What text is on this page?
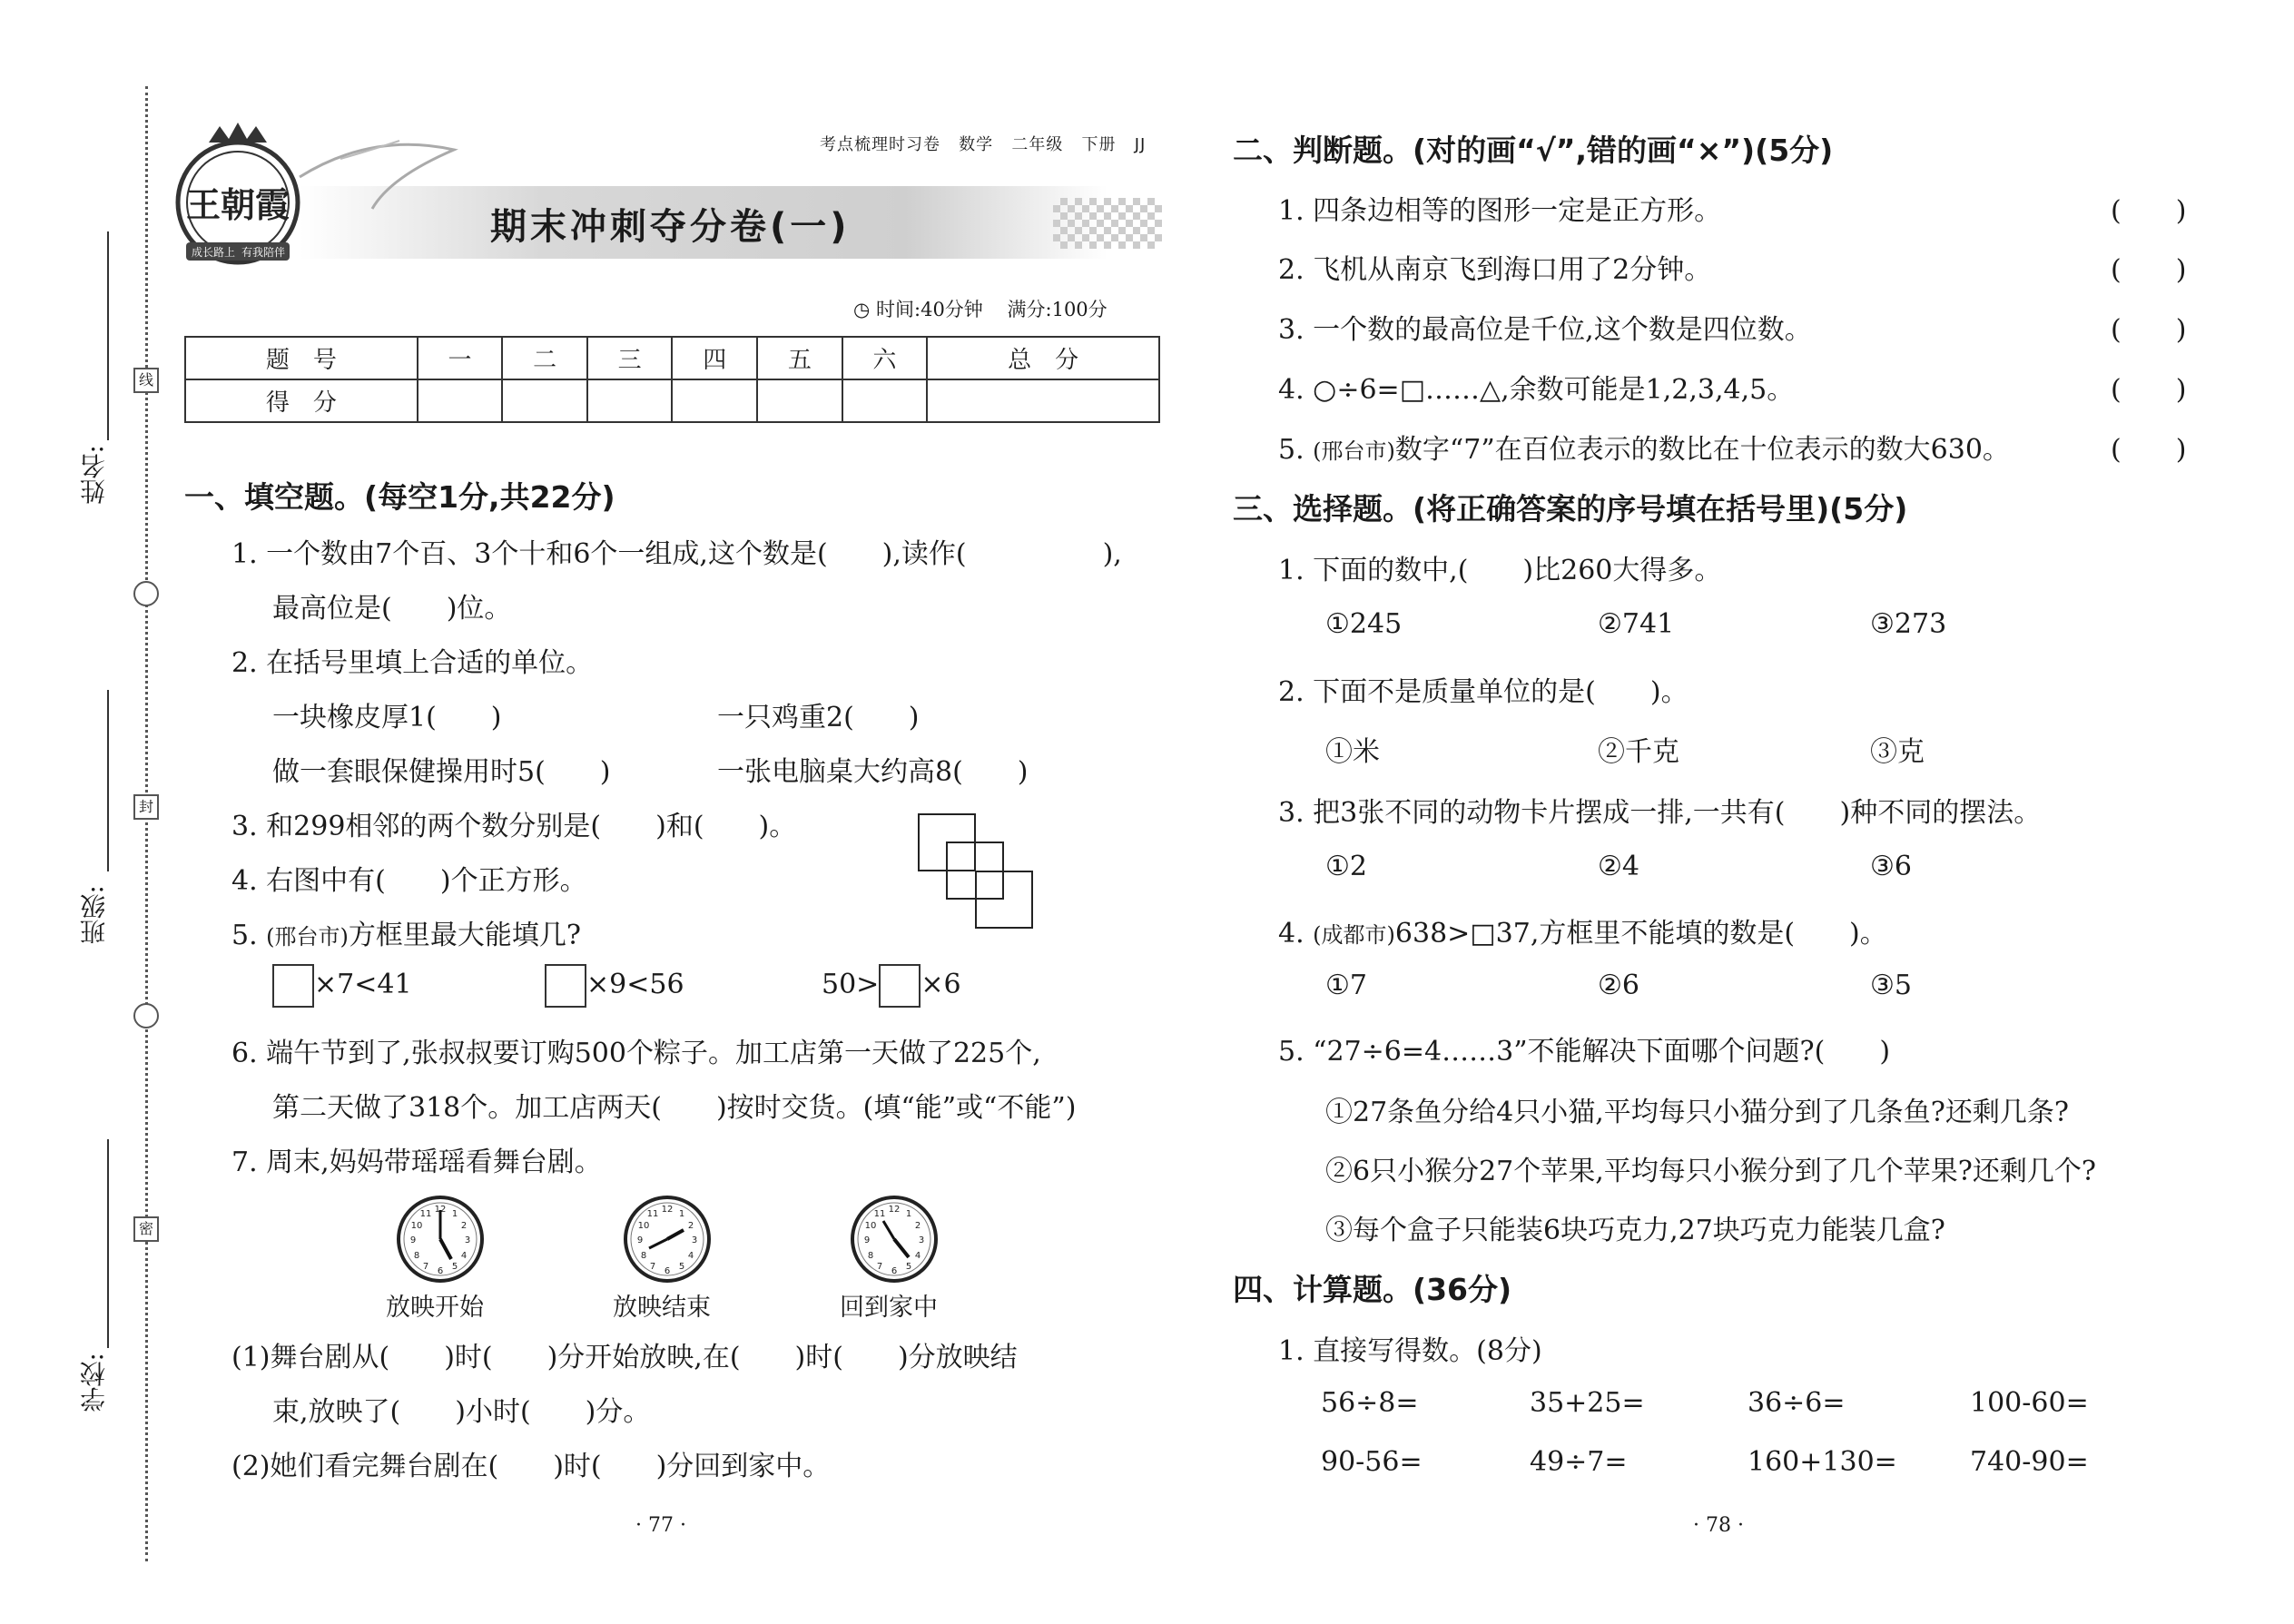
线
封
密
姓名:
班级:
学校:
王朝霞
成长路上 有我陪伴
考点梳理时习卷 数学 二年级 下册 JJ
期末冲刺夺分卷(一)
◷ 时间:40分钟 满分:100分
题　号	一	二	三	四	五	六	总　分
得　分							
一、填空题。(每空1分,共22分)
1. 一个数由7个百、3个十和6个一组成,这个数是(　　),读作(　　　　　),
最高位是(　　)位。
2. 在括号里填上合适的单位。
一块橡皮厚1(　　)	一只鸡重2(　　)
做一套眼保健操用时5(　　)	一张电脑桌大约高8(　　)
3. 和299相邻的两个数分别是(　　)和(　　)。
4. 右图中有(　　)个正方形。
5. (邢台市)方框里最大能填几?
×7<41	×9<56	50> ×6
6. 端午节到了,张叔叔要订购500个粽子。加工店第一天做了225个,
第二天做了318个。加工店两天(　　)按时交货。(填“能”或“不能”)
7. 周末,妈妈带瑶瑶看舞台剧。
12
3
6
9
1
2
4
5
7
8
10
11	12
3
6
9
1
2
4
5
7
8
10
11	12
3
6
9
1
2
4
5
7
8
10
11
放映开始	放映结束	回到家中
(1)舞台剧从(　　)时(　　)分开始放映,在(　　)时(　　)分放映结
束,放映了(　　)小时(　　)分。
(2)她们看完舞台剧在(　　)时(　　)分回到家中。
· 77 ·
二、判断题。(对的画“√”,错的画“×”)(5分)
1. 四条边相等的图形一定是正方形。	(　　)
2. 飞机从南京飞到海口用了2分钟。	(　　)
3. 一个数的最高位是千位,这个数是四位数。	(　　)
4. ○÷6=□……△,余数可能是1,2,3,4,5。	(　　)
5. (邢台市)数字“7”在百位表示的数比在十位表示的数大630。	(　　)
三、选择题。(将正确答案的序号填在括号里)(5分)
1. 下面的数中,(　　)比260大得多。
①245	②741	③273
2. 下面不是质量单位的是(　　)。
①米	②千克	③克
3. 把3张不同的动物卡片摆成一排,一共有(　　)种不同的摆法。
①2	②4	③6
4. (成都市)638>□37,方框里不能填的数是(　　)。
①7	②6	③5
5. “27÷6=4……3”不能解决下面哪个问题?(　　)
①27条鱼分给4只小猫,平均每只小猫分到了几条鱼?还剩几条?
②6只小猴分27个苹果,平均每只小猴分到了几个苹果?还剩几个?
③每个盒子只能装6块巧克力,27块巧克力能装几盒?
四、计算题。(36分)
1. 直接写得数。(8分)
56÷8=	35+25=	36÷6=	100-60=
90-56=	49÷7=	160+130=	740-90=
· 78 ·
